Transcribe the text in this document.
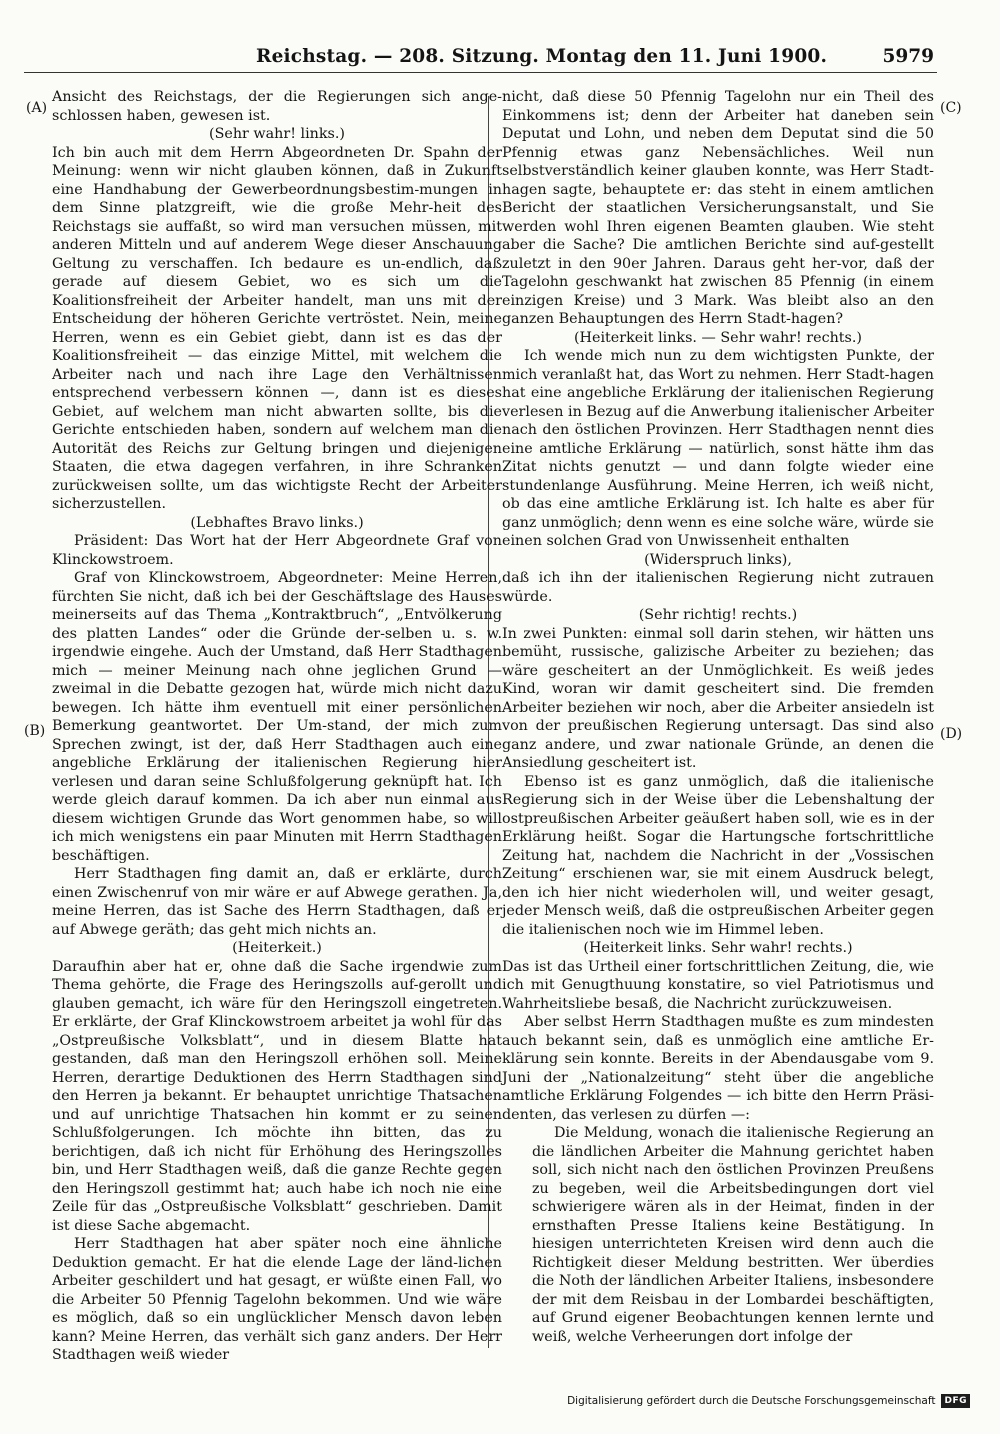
Reichstag. — 208. Sitzung. Montag den 11. Juni 1900.	5979
(A)
(B)
(C)
(D)

Ansicht des Reichstags, der die Regierungen sich ange-schlossen haben, gewesen ist.

(Sehr wahr! links.)

Ich bin auch mit dem Herrn Abgeordneten Dr. Spahn der Meinung: wenn wir nicht glauben können, daß in Zukunft eine Handhabung der Gewerbeordnungsbestim-mungen in dem Sinne platzgreift, wie die große Mehr-heit des Reichstags sie auffaßt, so wird man versuchen müssen, mit anderen Mitteln und auf anderem Wege dieser Anschauung Geltung zu verschaffen. Ich bedaure es un-endlich, daß gerade auf diesem Gebiet, wo es sich um die Koalitionsfreiheit der Arbeiter handelt, man uns mit der Entscheidung der höheren Gerichte vertröstet. Nein, meine Herren, wenn es ein Gebiet giebt, dann ist es das der Koalitionsfreiheit — das einzige Mittel, mit welchem die Arbeiter nach und nach ihre Lage den Verhältnissen entsprechend verbessern können —, dann ist es dieses Gebiet, auf welchem man nicht abwarten sollte, bis die Gerichte entschieden haben, sondern auf welchem man die Autorität des Reichs zur Geltung bringen und diejenigen Staaten, die etwa dagegen verfahren, in ihre Schranken zurückweisen sollte, um das wichtigste Recht der Arbeiter sicherzustellen.

(Lebhaftes Bravo links.)

Präsident: Das Wort hat der Herr Abgeordnete Graf von Klinckowstroem.

Graf von Klinckowstroem, Abgeordneter: Meine Herren, fürchten Sie nicht, daß ich bei der Geschäftslage des Hauses meinerseits auf das Thema „Kontraktbruch“, „Entvölkerung des platten Landes“ oder die Gründe der-selben u. s. w. irgendwie eingehe. Auch der Umstand, daß Herr Stadthagen mich — meiner Meinung nach ohne jeglichen Grund — zweimal in die Debatte gezogen hat, würde mich nicht dazu bewegen. Ich hätte ihm eventuell mit einer persönlichen Bemerkung geantwortet. Der Um-stand, der mich zum Sprechen zwingt, ist der, daß Herr Stadthagen auch eine angebliche Erklärung der italienischen Regierung hier verlesen und daran seine Schlußfolgerung geknüpft hat. Ich werde gleich darauf kommen. Da ich aber nun einmal aus diesem wichtigen Grunde das Wort genommen habe, so will ich mich wenigstens ein paar Minuten mit Herrn Stadthagen beschäftigen.

Herr Stadthagen fing damit an, daß er erklärte, durch einen Zwischenruf von mir wäre er auf Abwege gerathen. Ja, meine Herren, das ist Sache des Herrn Stadthagen, daß er auf Abwege geräth; das geht mich nichts an.

(Heiterkeit.)

Daraufhin aber hat er, ohne daß die Sache irgendwie zum Thema gehörte, die Frage des Heringszolls auf-gerollt und glauben gemacht, ich wäre für den Heringszoll eingetreten. Er erklärte, der Graf Klinckowstroem arbeitet ja wohl für das „Ostpreußische Volksblatt“, und in diesem Blatte hat gestanden, daß man den Heringszoll erhöhen soll. Meine Herren, derartige Deduktionen des Herrn Stadthagen sind den Herren ja bekannt. Er behauptet unrichtige Thatsachen und auf unrichtige Thatsachen hin kommt er zu seinen Schlußfolgerungen. Ich möchte ihn bitten, das zu berichtigen, daß ich nicht für Erhöhung des Heringszolles bin, und Herr Stadthagen weiß, daß die ganze Rechte gegen den Heringszoll gestimmt hat; auch habe ich noch nie eine Zeile für das „Ostpreußische Volksblatt“ geschrieben. Damit ist diese Sache abgemacht.

Herr Stadthagen hat aber später noch eine ähnliche Deduktion gemacht. Er hat die elende Lage der länd-lichen Arbeiter geschildert und hat gesagt, er wüßte einen Fall, wo die Arbeiter 50 Pfennig Tagelohn bekommen. Und wie wäre es möglich, daß so ein unglücklicher Mensch davon leben kann? Meine Herren, das verhält sich ganz anders. Der Herr Stadthagen weiß wieder

nicht, daß diese 50 Pfennig Tagelohn nur ein Theil des Einkommens ist; denn der Arbeiter hat daneben sein Deputat und Lohn, und neben dem Deputat sind die 50 Pfennig etwas ganz Nebensächliches. Weil nun selbstverständlich keiner glauben konnte, was Herr Stadt-hagen sagte, behauptete er: das steht in einem amtlichen Bericht der staatlichen Versicherungsanstalt, und Sie werden wohl Ihren eigenen Beamten glauben. Wie steht aber die Sache? Die amtlichen Berichte sind auf-gestellt zuletzt in den 90er Jahren. Daraus geht her-vor, daß der Tagelohn geschwankt hat zwischen 85 Pfennig (in einem einzigen Kreise) und 3 Mark. Was bleibt also an den ganzen Behauptungen des Herrn Stadt-hagen?

(Heiterkeit links. — Sehr wahr! rechts.)

Ich wende mich nun zu dem wichtigsten Punkte, der mich veranlaßt hat, das Wort zu nehmen. Herr Stadt-hagen hat eine angebliche Erklärung der italienischen Regierung verlesen in Bezug auf die Anwerbung italienischer Arbeiter nach den östlichen Provinzen. Herr Stadthagen nennt dies eine amtliche Erklärung — natürlich, sonst hätte ihm das Zitat nichts genutzt — und dann folgte wieder eine stundenlange Ausführung. Meine Herren, ich weiß nicht, ob das eine amtliche Erklärung ist. Ich halte es aber für ganz unmöglich; denn wenn es eine solche wäre, würde sie einen solchen Grad von Unwissenheit enthalten

(Widerspruch links),

daß ich ihn der italienischen Regierung nicht zutrauen würde.

(Sehr richtig! rechts.)

In zwei Punkten: einmal soll darin stehen, wir hätten uns bemüht, russische, galizische Arbeiter zu beziehen; das wäre gescheitert an der Unmöglichkeit. Es weiß jedes Kind, woran wir damit gescheitert sind. Die fremden Arbeiter beziehen wir noch, aber die Arbeiter ansiedeln ist von der preußischen Regierung untersagt. Das sind also ganz andere, und zwar nationale Gründe, an denen die Ansiedlung gescheitert ist.

Ebenso ist es ganz unmöglich, daß die italienische Regierung sich in der Weise über die Lebenshaltung der ostpreußischen Arbeiter geäußert haben soll, wie es in der Erklärung heißt. Sogar die Hartungsche fortschrittliche Zeitung hat, nachdem die Nachricht in der „Vossischen Zeitung“ erschienen war, sie mit einem Ausdruck belegt, den ich hier nicht wiederholen will, und weiter gesagt, jeder Mensch weiß, daß die ostpreußischen Arbeiter gegen die italienischen noch wie im Himmel leben.

(Heiterkeit links. Sehr wahr! rechts.)

Das ist das Urtheil einer fortschrittlichen Zeitung, die, wie ich mit Genugthuung konstatire, so viel Patriotismus und Wahrheitsliebe besaß, die Nachricht zurückzuweisen.

Aber selbst Herrn Stadthagen mußte es zum mindesten auch bekannt sein, daß es unmöglich eine amtliche Er-klärung sein konnte. Bereits in der Abendausgabe vom 9. Juni der „Nationalzeitung“ steht über die angebliche amtliche Erklärung Folgendes — ich bitte den Herrn Präsi-denten, das verlesen zu dürfen —:

Die Meldung, wonach die italienische Regierung an die ländlichen Arbeiter die Mahnung gerichtet haben soll, sich nicht nach den östlichen Provinzen Preußens zu begeben, weil die Arbeitsbedingungen dort viel schwierigere wären als in der Heimat, finden in der ernsthaften Presse Italiens keine Bestätigung. In hiesigen unterrichteten Kreisen wird denn auch die Richtigkeit dieser Meldung bestritten. Wer überdies die Noth der ländlichen Arbeiter Italiens, insbesondere der mit dem Reisbau in der Lombardei beschäftigten, auf Grund eigener Beobachtungen kennen lernte und weiß, welche Verheerungen dort infolge der

Digitalisierung gefördert durch die Deutsche Forschungsgemeinschaft	DFG
